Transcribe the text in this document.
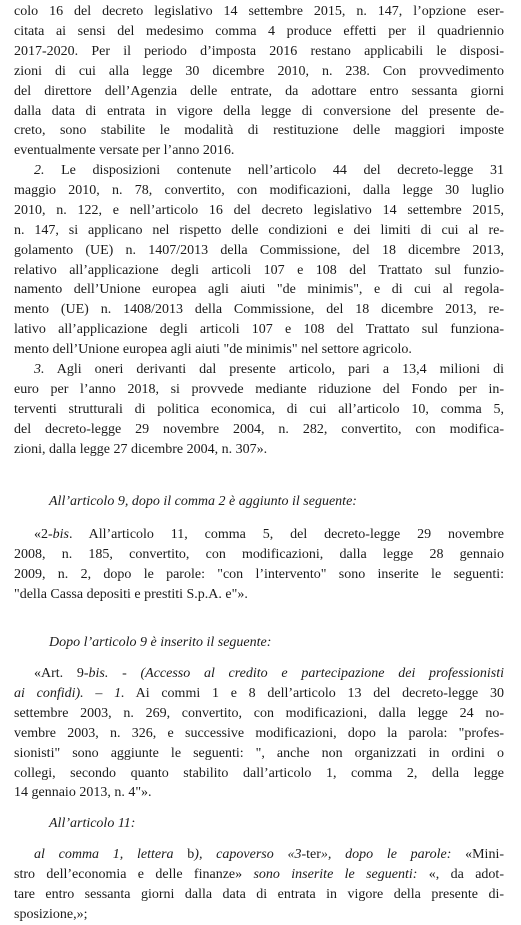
colo 16 del decreto legislativo 14 settembre 2015, n. 147, l’opzione eser-
citata ai sensi del medesimo comma 4 produce effetti per il quadriennio
2017-2020. Per il periodo d’imposta 2016 restano applicabili le disposi-
zioni di cui alla legge 30 dicembre 2010, n. 238. Con provvedimento
del direttore dell’Agenzia delle entrate, da adottare entro sessanta giorni
dalla data di entrata in vigore della legge di conversione del presente de-
creto, sono stabilite le modalità di restituzione delle maggiori imposte
eventualmente versate per l’anno 2016.
2. Le disposizioni contenute nell’articolo 44 del decreto-legge 31
maggio 2010, n. 78, convertito, con modificazioni, dalla legge 30 luglio
2010, n. 122, e nell’articolo 16 del decreto legislativo 14 settembre 2015,
n. 147, si applicano nel rispetto delle condizioni e dei limiti di cui al re-
golamento (UE) n. 1407/2013 della Commissione, del 18 dicembre 2013,
relativo all’applicazione degli articoli 107 e 108 del Trattato sul funzio-
namento dell’Unione europea agli aiuti "de minimis", e di cui al regola-
mento (UE) n. 1408/2013 della Commissione, del 18 dicembre 2013, re-
lativo all’applicazione degli articoli 107 e 108 del Trattato sul funziona-
mento dell’Unione europea agli aiuti "de minimis" nel settore agricolo.
3. Agli oneri derivanti dal presente articolo, pari a 13,4 milioni di
euro per l’anno 2018, si provvede mediante riduzione del Fondo per in-
terventi strutturali di politica economica, di cui all’articolo 10, comma 5,
del decreto-legge 29 novembre 2004, n. 282, convertito, con modifica-
zioni, dalla legge 27 dicembre 2004, n. 307».
All’articolo 9, dopo il comma 2 è aggiunto il seguente:
«2-bis. All’articolo 11, comma 5, del decreto-legge 29 novembre
2008, n. 185, convertito, con modificazioni, dalla legge 28 gennaio
2009, n. 2, dopo le parole: "con l’intervento" sono inserite le seguenti:
"della Cassa depositi e prestiti S.p.A. e"».
Dopo l’articolo 9 è inserito il seguente:
«Art. 9-bis. - (Accesso al credito e partecipazione dei professionisti
ai confidi). – 1. Ai commi 1 e 8 dell’articolo 13 del decreto-legge 30
settembre 2003, n. 269, convertito, con modificazioni, dalla legge 24 no-
vembre 2003, n. 326, e successive modificazioni, dopo la parola: "profes-
sionisti" sono aggiunte le seguenti: ", anche non organizzati in ordini o
collegi, secondo quanto stabilito dall’articolo 1, comma 2, della legge
14 gennaio 2013, n. 4"».
All’articolo 11:
al comma 1, lettera b), capoverso «3-ter», dopo le parole: «Mini-
stro dell’economia e delle finanze» sono inserite le seguenti: «, da adot-
tare entro sessanta giorni dalla data di entrata in vigore della presente di-
sposizione,»;
